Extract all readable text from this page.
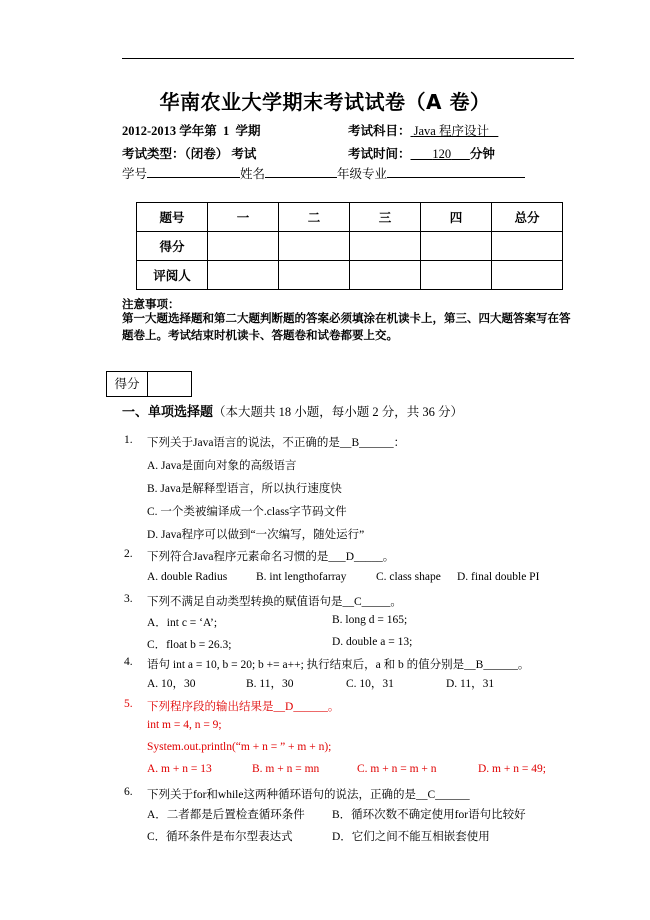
华南农业大学期末考试试卷（A 卷）
2012-2013 学年第 1 学期	考试科目： Java 程序设计
考试类型：（闭卷） 考试	考试时间： 120 分钟
学号	姓名	年级专业
题号	一	二	三	四	总分
得分					
评阅人					
注意事项：
第一大题选择题和第二大题判断题的答案必须填涂在机读卡上，第三、四大题答案写在答题卷上。考试结束时机读卡、答题卷和试卷都要上交。
得分
一、单项选择题（本大题共 18 小题，每小题 2 分，共 36 分）
1. 下列关于Java语言的说法，不正确的是__B______：
A. Java是面向对象的高级语言
B. Java是解释型语言，所以执行速度快
C. 一个类被编译成一个.class字节码文件
D. Java程序可以做到“一次编写，随处运行”
2. 下列符合Java程序元素命名习惯的是___D_____。
A. double Radius	B. int lengthofarray	C. class shape D. final double PI
3. 下列不满足自动类型转换的赋值语句是__C_____。
A．int c = ‘A’;	B. long d = 165;
C．float b = 26.3;	D. double a = 13;
4. 语句 int a = 10, b = 20; b += a++; 执行结束后，a 和 b 的值分别是__B______。
A. 10，30	B. 11，30	C. 10，31	D. 11，31
5. 下列程序段的输出结果是__D______。
int m = 4, n = 9;
System.out.println(“m + n = ” + m + n);
A. m + n = 13	B. m + n = mn	C. m + n = m + n	D. m + n = 49;
6. 下列关于for和while这两种循环语句的说法，正确的是__C______
A．二者都是后置检查循环条件 B．循环次数不确定使用for语句比较好
C．循环条件是布尔型表达式	D．它们之间不能互相嵌套使用
